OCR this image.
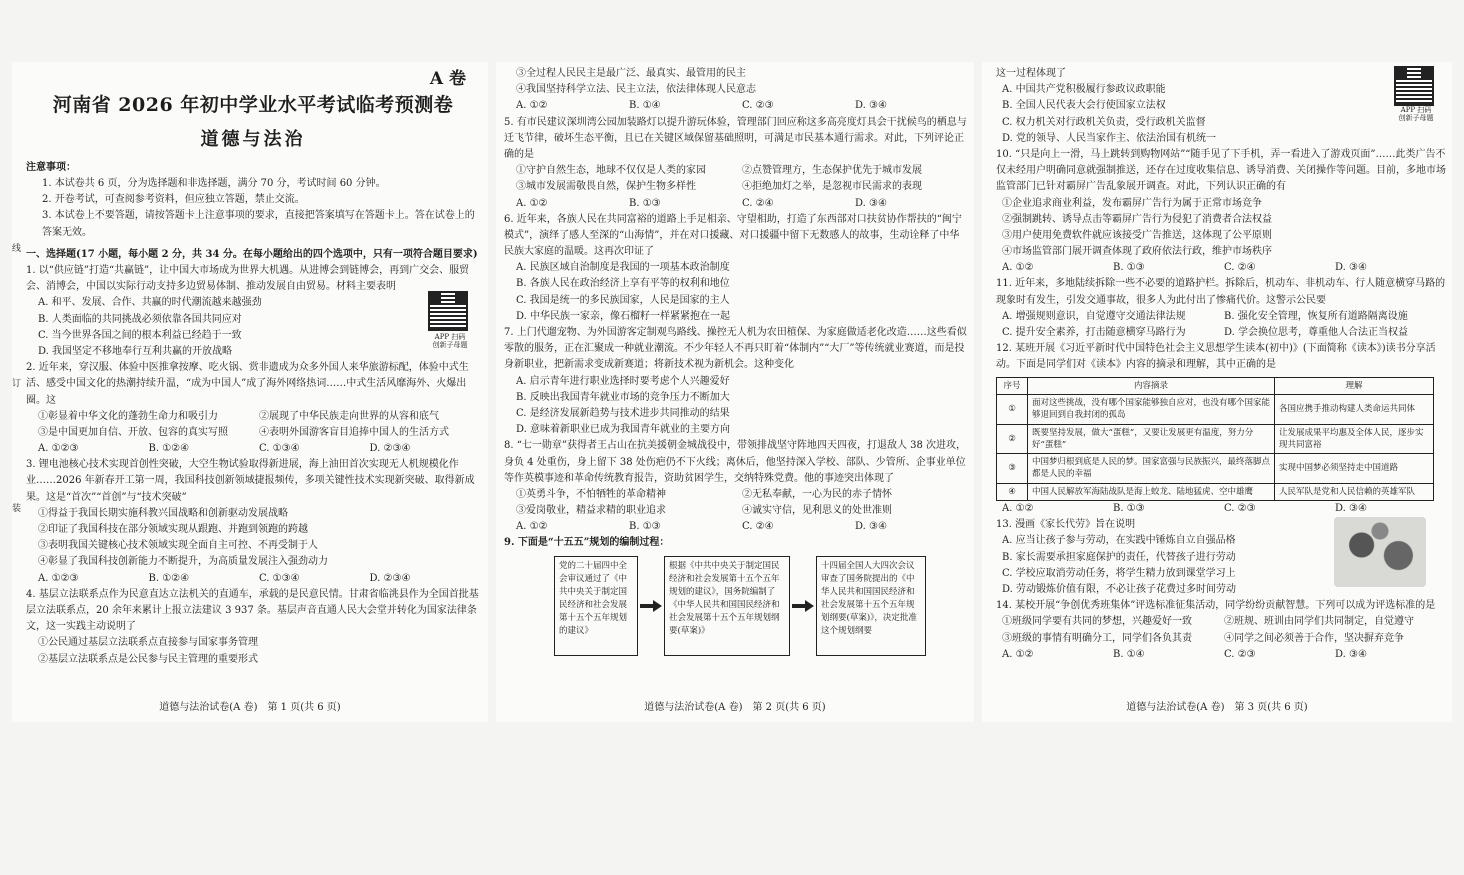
线
订
装
A 卷
河南省 2026 年初中学业水平考试临考预测卷
道德与法治
注意事项：
1. 本试卷共 6 页，分为选择题和非选择题，满分 70 分，考试时间 60 分钟。
2. 开卷考试，可查阅参考资料，但应独立答题，禁止交流。
3. 本试卷上不要答题，请按答题卡上注意事项的要求，直接把答案填写在答题卡上。答在试卷上的答案无效。
一、选择题(17 小题，每小题 2 分，共 34 分。在每小题给出的四个选项中，只有一项符合题目要求)
1. 以“供应链”打造“共赢链”，让中国大市场成为世界大机遇。从进博会到链博会，再到广交会、服贸会、消博会，中国以实际行动支持多边贸易体制、推动发展自由贸易。材料主要表明
A. 和平、发展、合作、共赢的时代潮流越来越强劲
B. 人类面临的共同挑战必须依靠各国共同应对
C. 当今世界各国之间的根本利益已经趋于一致
D. 我国坚定不移地奉行互利共赢的开放战略
APP 扫码
创新子母题
2. 近年来，穿汉服、体验中医推拿按摩、吃火锅、赏非遗成为众多外国人来华旅游标配，体验中式生活、感受中国文化的热潮持续升温，“成为中国人”成了海外网络热词……中式生活风靡海外、火爆出圈。这
①彰显着中华文化的蓬勃生命力和吸引力	②展现了中华民族走向世界的从容和底气
③是中国更加自信、开放、包容的真实写照	④表明外国游客盲目追捧中国人的生活方式
A. ①②③	B. ①②④	C. ①③④	D. ②③④
3. 锂电池核心技术实现首创性突破，大空生物试验取得新进展，海上油田首次实现无人机规模化作业……2026 年新春开工第一周，我国科技创新领域捷报频传，多项关键性技术实现新突破、取得新成果。这是“首次”“首创”与“技术突破”
①得益于我国长期实施科教兴国战略和创新驱动发展战略
②印证了我国科技在部分领域实现从跟跑、并跑到领跑的跨越
③表明我国关键核心技术领域实现全面自主可控、不再受制于人
④彰显了我国科技创新能力不断提升，为高质量发展注入强劲动力
A. ①②③	B. ①②④	C. ①③④	D. ②③④
4. 基层立法联系点作为民意直达立法机关的直通车，承载的是民意民情。甘肃省临洮县作为全国首批基层立法联系点，20 余年来累计上报立法建议 3 937 条。基层声音直通人民大会堂并转化为国家法律条文，这一实践主动说明了
①公民通过基层立法联系点直接参与国家事务管理
②基层立法联系点是公民参与民主管理的重要形式
道德与法治试卷(A 卷)　第 1 页(共 6 页)
③全过程人民民主是最广泛、最真实、最管用的民主
④我国坚持科学立法、民主立法，依法律体现人民意志
A. ①②	B. ①④	C. ②③	D. ③④
5. 有市民建议深圳湾公园加装路灯以提升游玩体验，管理部门回应称这多高亮度灯具会干扰候鸟的栖息与迁飞节律，破坏生态平衡，且已在关键区域保留基础照明，可满足市民基本通行需求。对此，下列评论正确的是
①守护自然生态，地球不仅仅是人类的家园	②点赞管理方，生态保护优先于城市发展
③城市发展需敬畏自然，保护生物多样性	④拒绝加灯之举，是忽视市民需求的表现
A. ①②	B. ①③	C. ②④	D. ③④
6. 近年来，各族人民在共同富裕的道路上手足相亲、守望相助，打造了东西部对口扶贫协作帮扶的“闽宁模式”，演绎了感人至深的“山海情”，并在对口援藏、对口援疆中留下无数感人的故事，生动诠释了中华民族大家庭的温暖。这再次印证了
A. 民族区域自治制度是我国的一项基本政治制度
B. 各族人民在政治经济上享有平等的权利和地位
C. 我国是统一的多民族国家，人民是国家的主人
D. 中华民族一家亲，像石榴籽一样紧紧抱在一起
7. 上门代遛宠物、为外国游客定制观鸟路线、操控无人机为农田植保、为家庭做适老化改造……这些看似零散的服务，正在汇聚成一种就业潮流。不少年轻人不再只盯着“体制内”“大厂”等传统就业赛道，而是投身新职业，把新需求变成新赛道；将新技术视为新机会。这种变化
A. 启示青年进行职业选择时要考虑个人兴趣爱好
B. 反映出我国青年就业市场的竞争压力不断加大
C. 是经济发展新趋势与技术进步共同推动的结果
D. 意味着新职业已成为我国青年就业的主要方向
8. “七一勋章”获得者王占山在抗美援朝金城战役中，带领排战坚守阵地四天四夜，打退敌人 38 次进攻，身负 4 处重伤，身上留下 38 处伤疤仍不下火线；离休后，他坚持深入学校、部队、少管所、企事业单位等作英模事迹和革命传统教育报告，资助贫困学生，交纳特殊党费。他的事迹突出体现了
①英勇斗争，不怕牺牲的革命精神	②无私奉献，一心为民的赤子情怀
③爱岗敬业，精益求精的职业追求	④诚实守信，见利思义的处世准则
A. ①②	B. ①③	C. ②④	D. ③④
9. 下面是“十五五”规划的编制过程：
党的二十届四中全会审议通过了《中共中央关于制定国民经济和社会发展第十五个五年规划的建议》
根据《中共中央关于制定国民经济和社会发展第十五个五年规划的建议》，国务院编制了《中华人民共和国国民经济和社会发展第十五个五年规划纲要(草案)》
十四届全国人大四次会议审查了国务院提出的《中华人民共和国国民经济和社会发展第十五个五年规划纲要(草案)》，决定批准这个规划纲要
道德与法治试卷(A 卷)　第 2 页(共 6 页)
这一过程体现了
A. 中国共产党积极履行参政议政职能
B. 全国人民代表大会行使国家立法权
C. 权力机关对行政机关负责，受行政机关监督
D. 党的领导、人民当家作主、依法治国有机统一
APP 扫码
创新子母题
10. “只是向上一滑，马上跳转到购物网站”“随手见了下手机，弄一看进入了游戏页面”……此类广告不仅未经用户明确同意就强制推送，还存在过度收集信息、诱导消费、关闭操作等问题。目前，多地市场监管部门已针对霸屏广告乱象展开调查。对此，下列认识正确的有
①企业追求商业利益，发布霸屏广告行为属于正常市场竞争
②强制跳转、诱导点击等霸屏广告行为侵犯了消费者合法权益
③用户使用免费软件就应该接受广告推送，这体现了公平原则
④市场监管部门展开调查体现了政府依法行政，维护市场秩序
A. ①②	B. ①③	C. ②④	D. ③④
11. 近年来，多地陆续拆除一些不必要的道路护栏。拆除后，机动车、非机动车、行人随意横穿马路的现象时有发生，引发交通事故，很多人为此付出了惨痛代价。这警示公民要
A. 增强规则意识，自觉遵守交通法律法规	B. 强化安全管理，恢复所有道路隔离设施
C. 提升安全素养，打击随意横穿马路行为	D. 学会换位思考，尊重他人合法正当权益
12. 某班开展《习近平新时代中国特色社会主义思想学生读本(初中)》(下面简称《读本》)读书分享活动。下面是同学们对《读本》内容的摘录和理解，其中正确的是
序号	内容摘录	理解
①	面对这些挑战，没有哪个国家能够独自应对，也没有哪个国家能够退回到自我封闭的孤岛	各国应携手推动构建人类命运共同体
②	既要坚持发展，做大“蛋糕”，又要让发展更有温度，努力分好“蛋糕”	让发展成果平均惠及全体人民，逐步实现共同富裕
③	中国梦归根到底是人民的梦。国家富强与民族振兴，最终落脚点都是人民的幸福	实现中国梦必须坚持走中国道路
④	中国人民解放军海陆战队是海上蛟龙、陆地猛虎、空中雄鹰	人民军队是党和人民信赖的英雄军队
A. ①②	B. ①③	C. ②③	D. ③④
13. 漫画《家长代劳》旨在说明
A. 应当让孩子参与劳动，在实践中锤炼自立自强品格
B. 家长需要承担家庭保护的责任，代替孩子进行劳动
C. 学校应取消劳动任务，将学生精力放到课堂学习上
D. 劳动锻炼价值有限，不必让孩子花费过多时间劳动
14. 某校开展“争创优秀班集体”评选标准征集活动，同学纷纷贡献智慧。下列可以成为评选标准的是
①班级同学要有共同的梦想，兴趣爱好一致	②班规、班训由同学们共同制定，自觉遵守
③班级的事情有明确分工，同学们各负其责	④同学之间必须善于合作，坚决摒弃竞争
A. ①②	B. ①④	C. ②③	D. ③④
道德与法治试卷(A 卷)　第 3 页(共 6 页)
